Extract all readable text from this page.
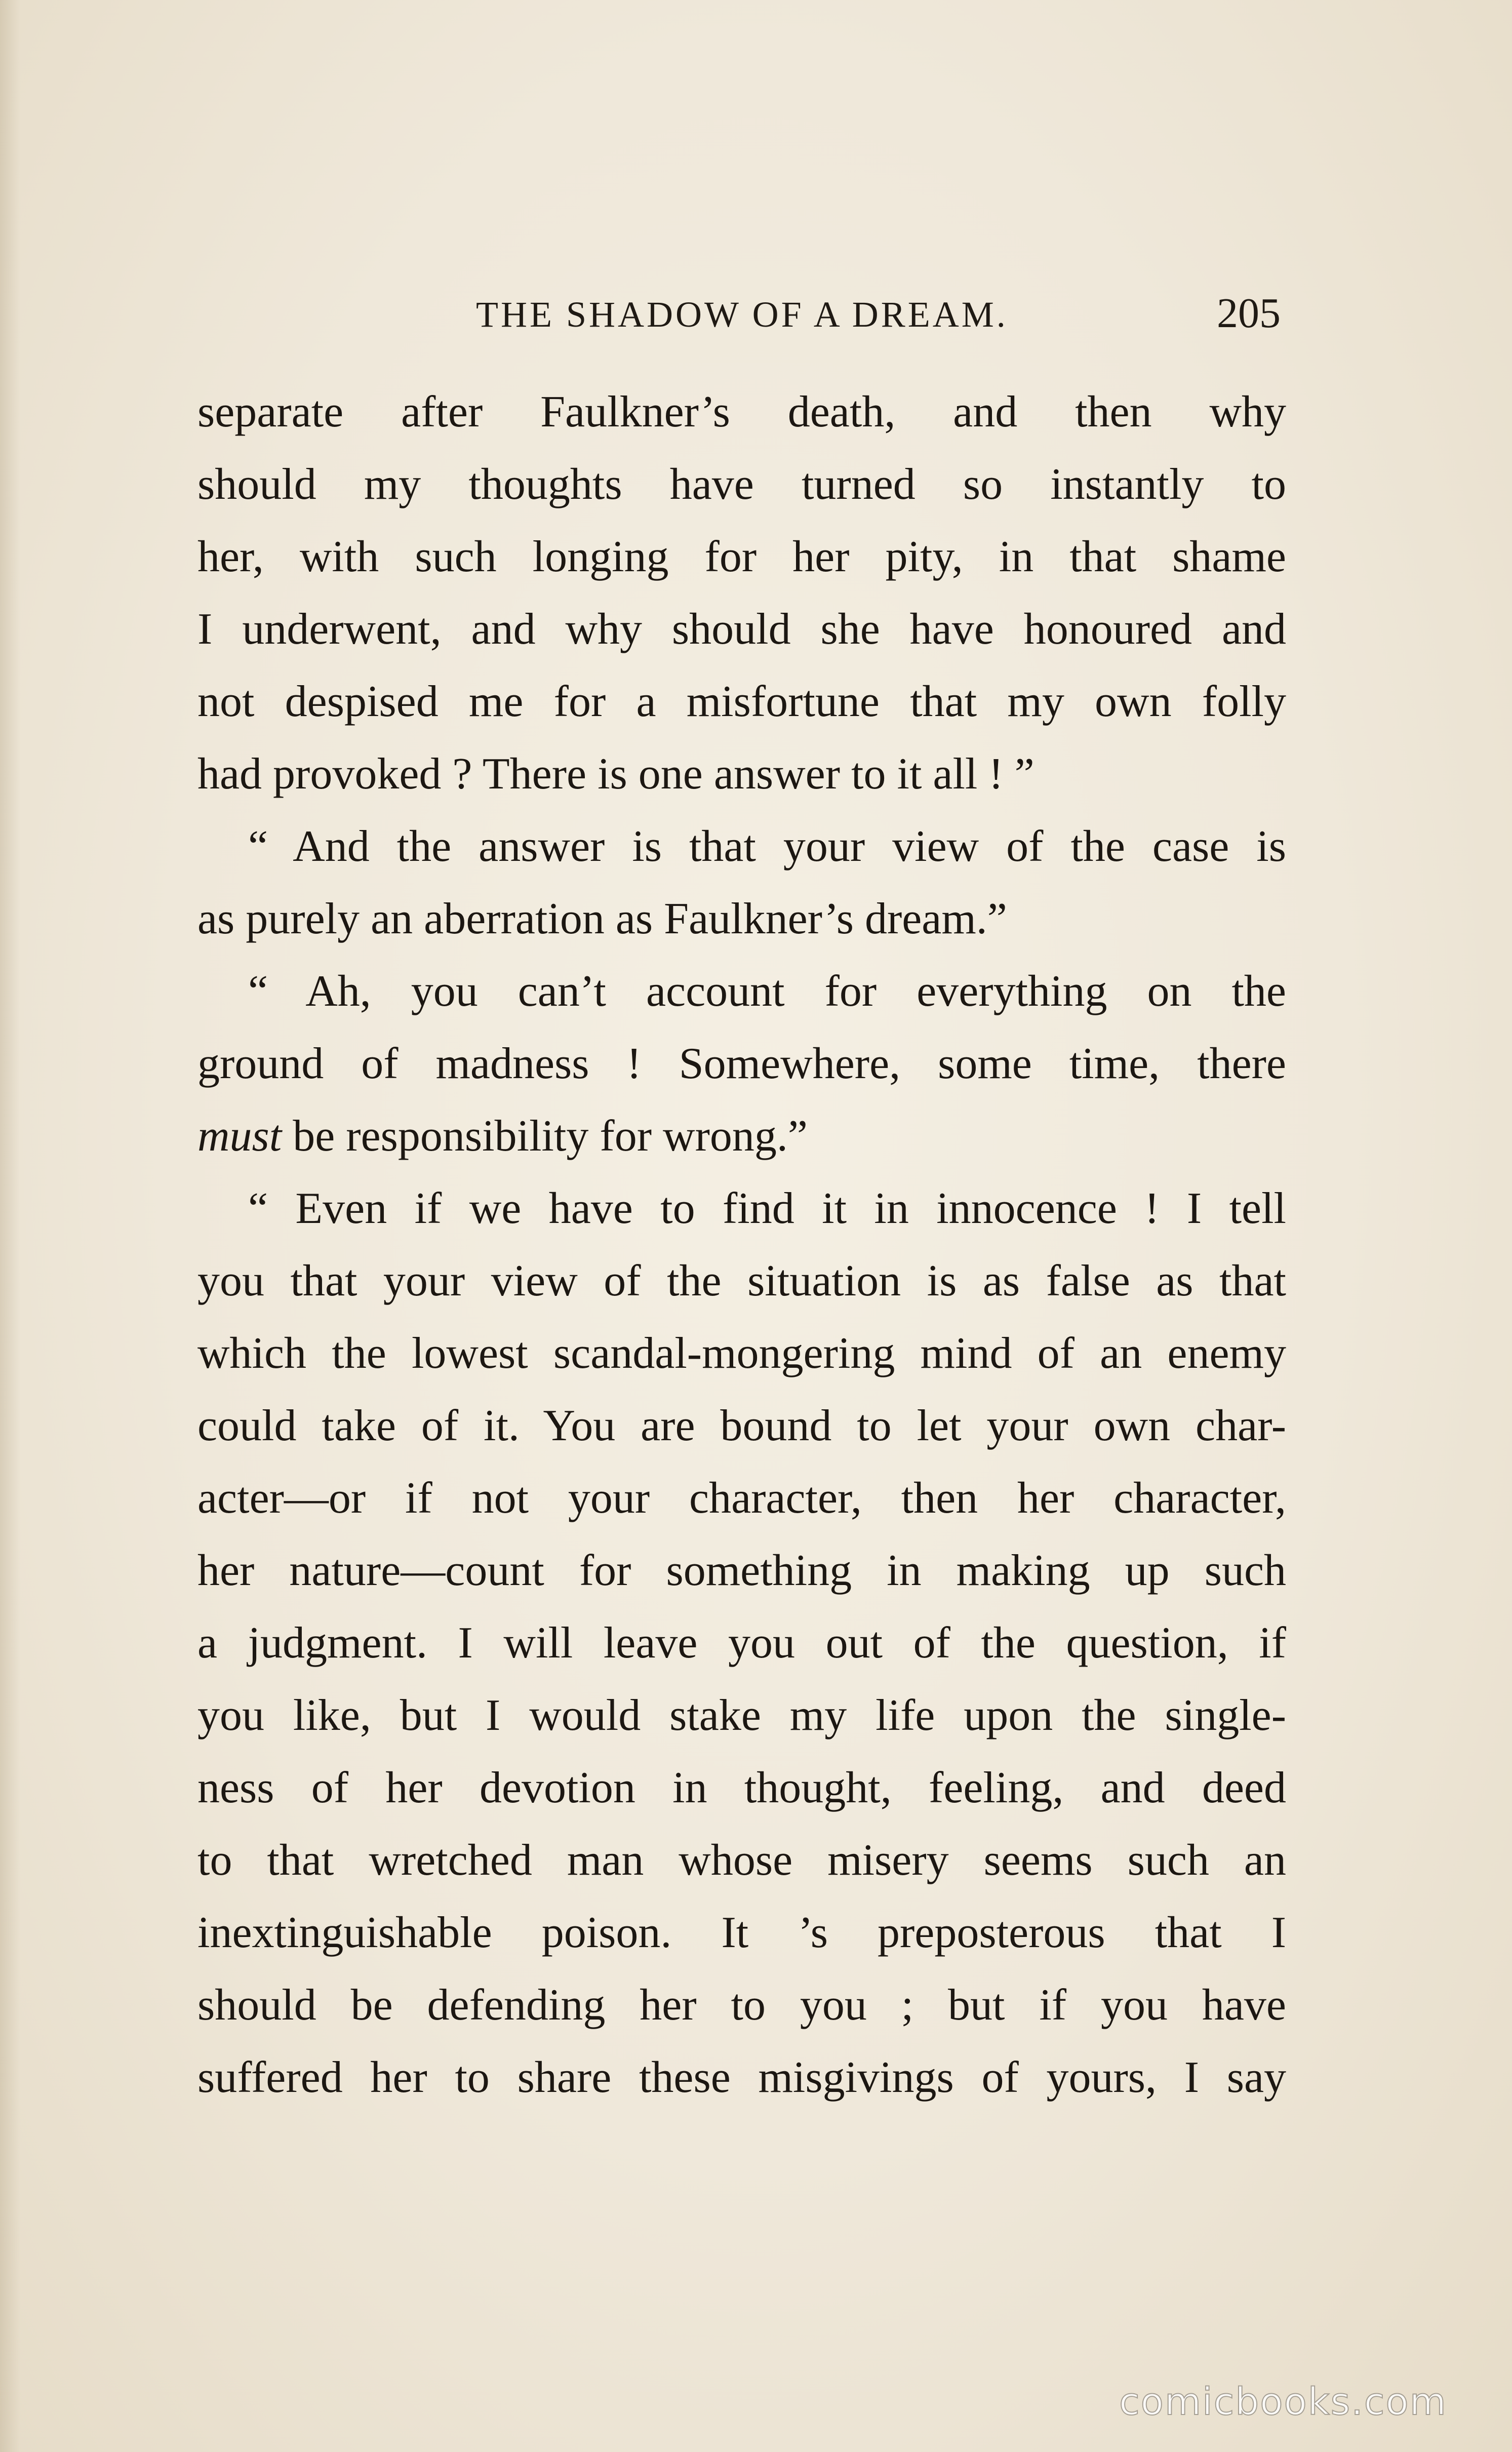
THE SHADOW OF A DREAM.	205
separate after Faulkner’s death, and then why
should my thoughts have turned so instantly to
her, with such longing for her pity, in that shame
I underwent, and why should she have honoured and
not despised me for a misfortune that my own folly
had provoked ? There is one answer to it all ! ”
“ And the answer is that your view of the case is
as purely an aberration as Faulkner’s dream.”
“ Ah, you can’t account for everything on the
ground of madness ! Somewhere, some time, there
must be responsibility for wrong.”
“ Even if we have to find it in innocence ! I tell
you that your view of the situation is as false as that
which the lowest scandal-mongering mind of an enemy
could take of it. You are bound to let your own char-
acter—or if not your character, then her character,
her nature—count for something in making up such
a judgment. I will leave you out of the question, if
you like, but I would stake my life upon the single-
ness of her devotion in thought, feeling, and deed
to that wretched man whose misery seems such an
inextinguishable poison. It ’s preposterous that I
should be defending her to you ; but if you have
suffered her to share these misgivings of yours, I say
comicbooks.com
